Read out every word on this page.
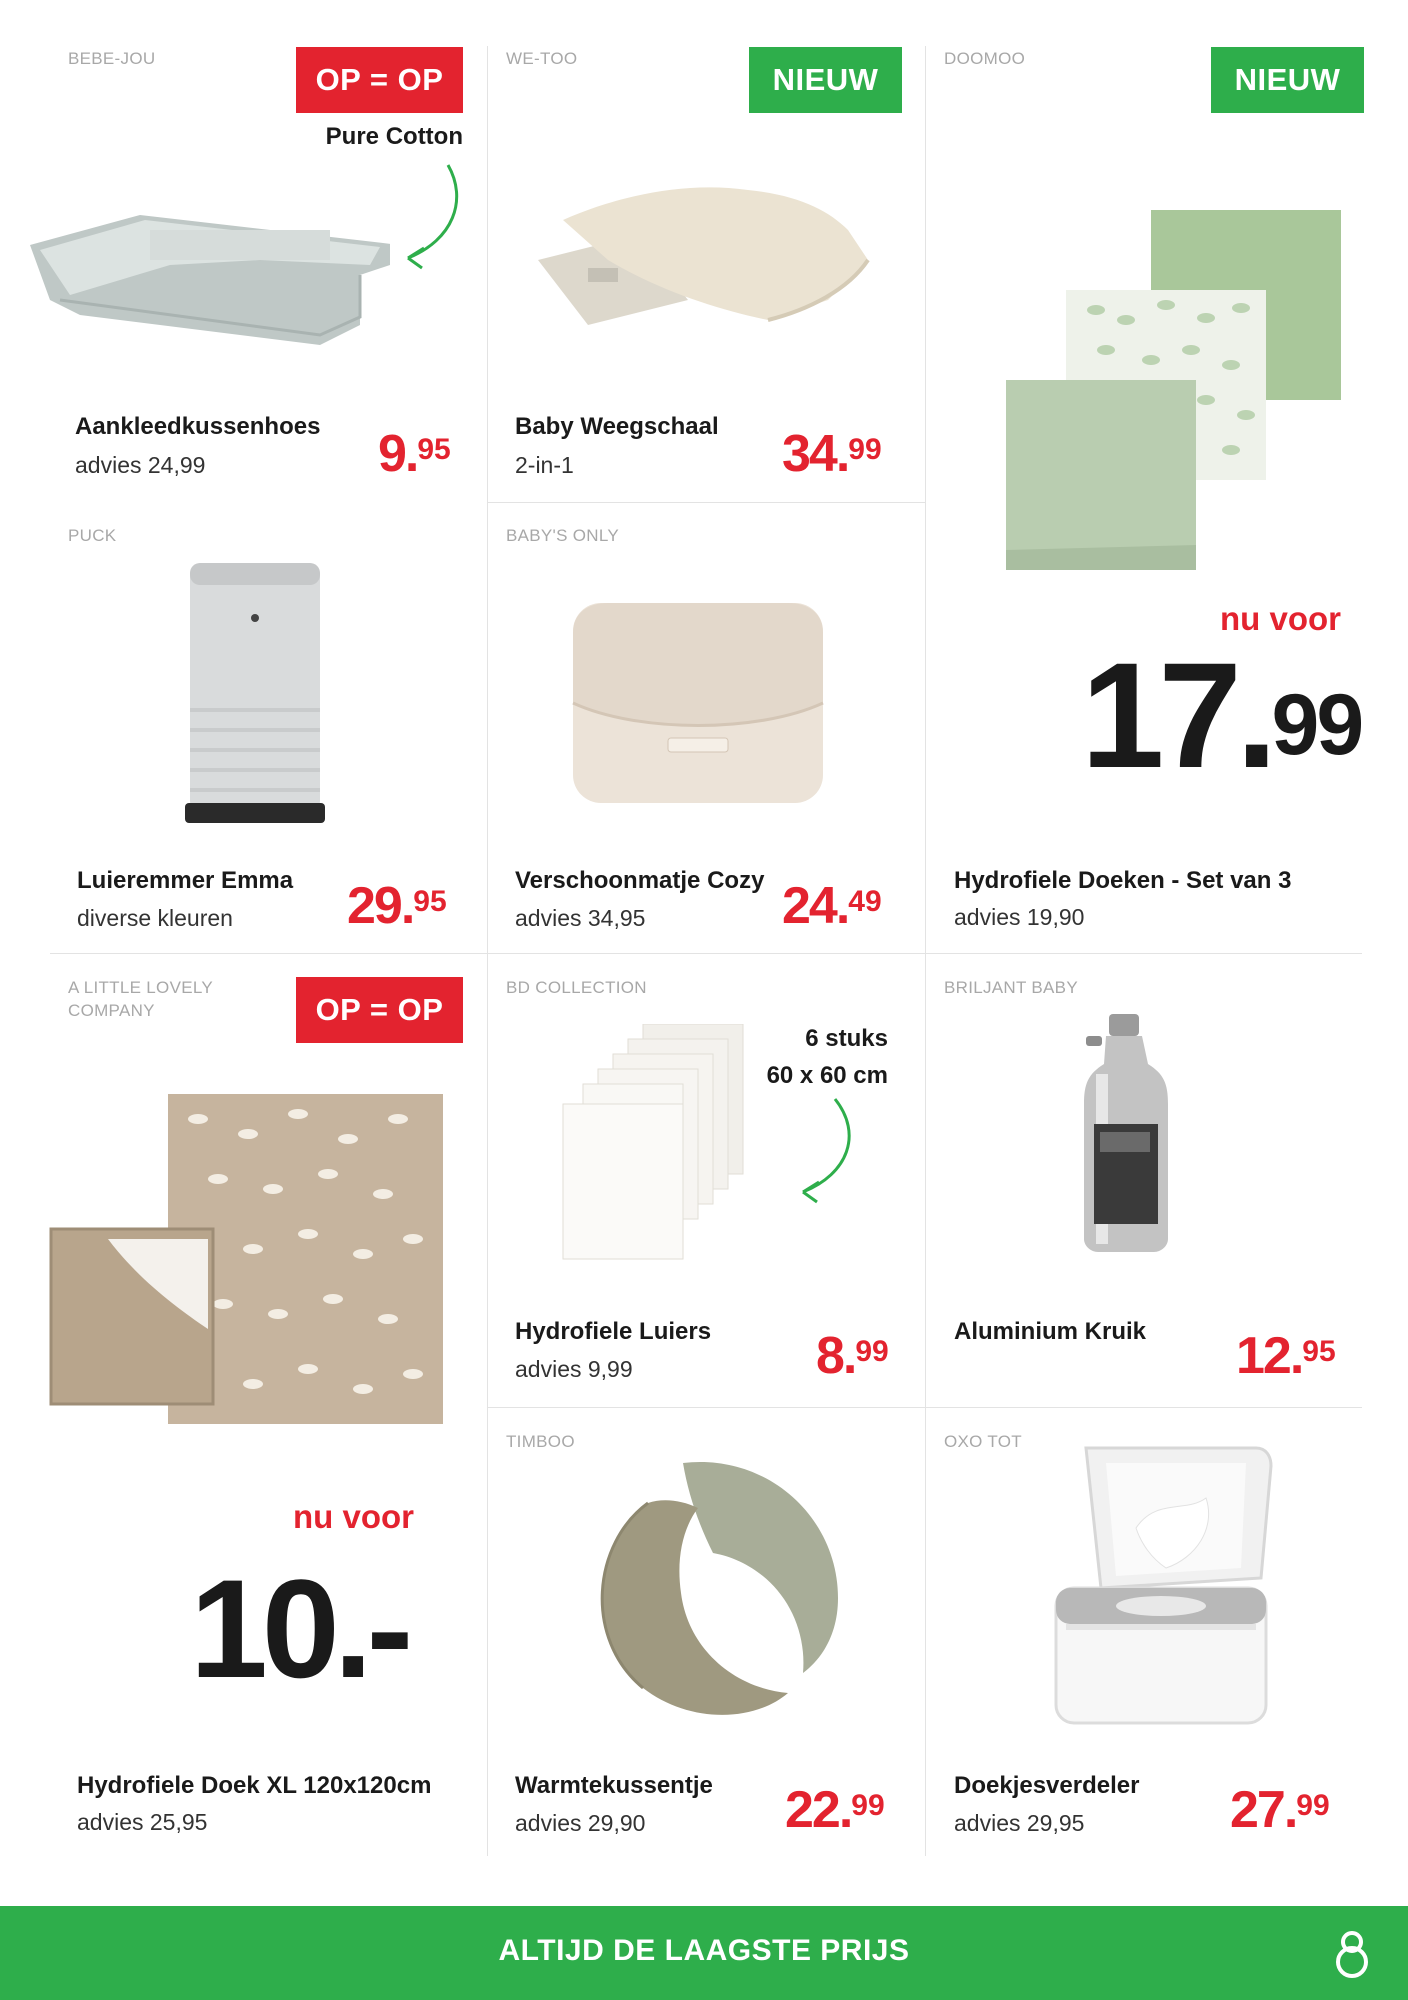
BEBE-JOU
OP = OP
Pure Cotton
Aankleedkussenhoes
advies 24,99	9.95
WE-TOO
NIEUW
Baby Weegschaal
2-in-1	34.99
DOOMOO
NIEUW
nu voor
17.99
Hydrofiele Doeken - Set van 3
advies 19,90
PUCK
Luieremmer Emma
diverse kleuren 29.95
BABY'S ONLY
Verschoonmatje Cozy
advies 34,95	24.49
A LITTLE LOVELY
COMPANY	OP = OP
nu voor
10.-
Hydrofiele Doek XL 120x120cm
advies 25,95
BD COLLECTION
6 stuks
60 x 60 cm
Hydrofiele Luiers
advies 9,99	8.99
BRILJANT BABY
Aluminium Kruik 12.95
TIMBOO
Warmtekussentje
advies 29,90	22.99
OXO TOT
Doekjesverdeler
advies 29,95	27.99
ALTIJD DE LAAGSTE PRIJS
